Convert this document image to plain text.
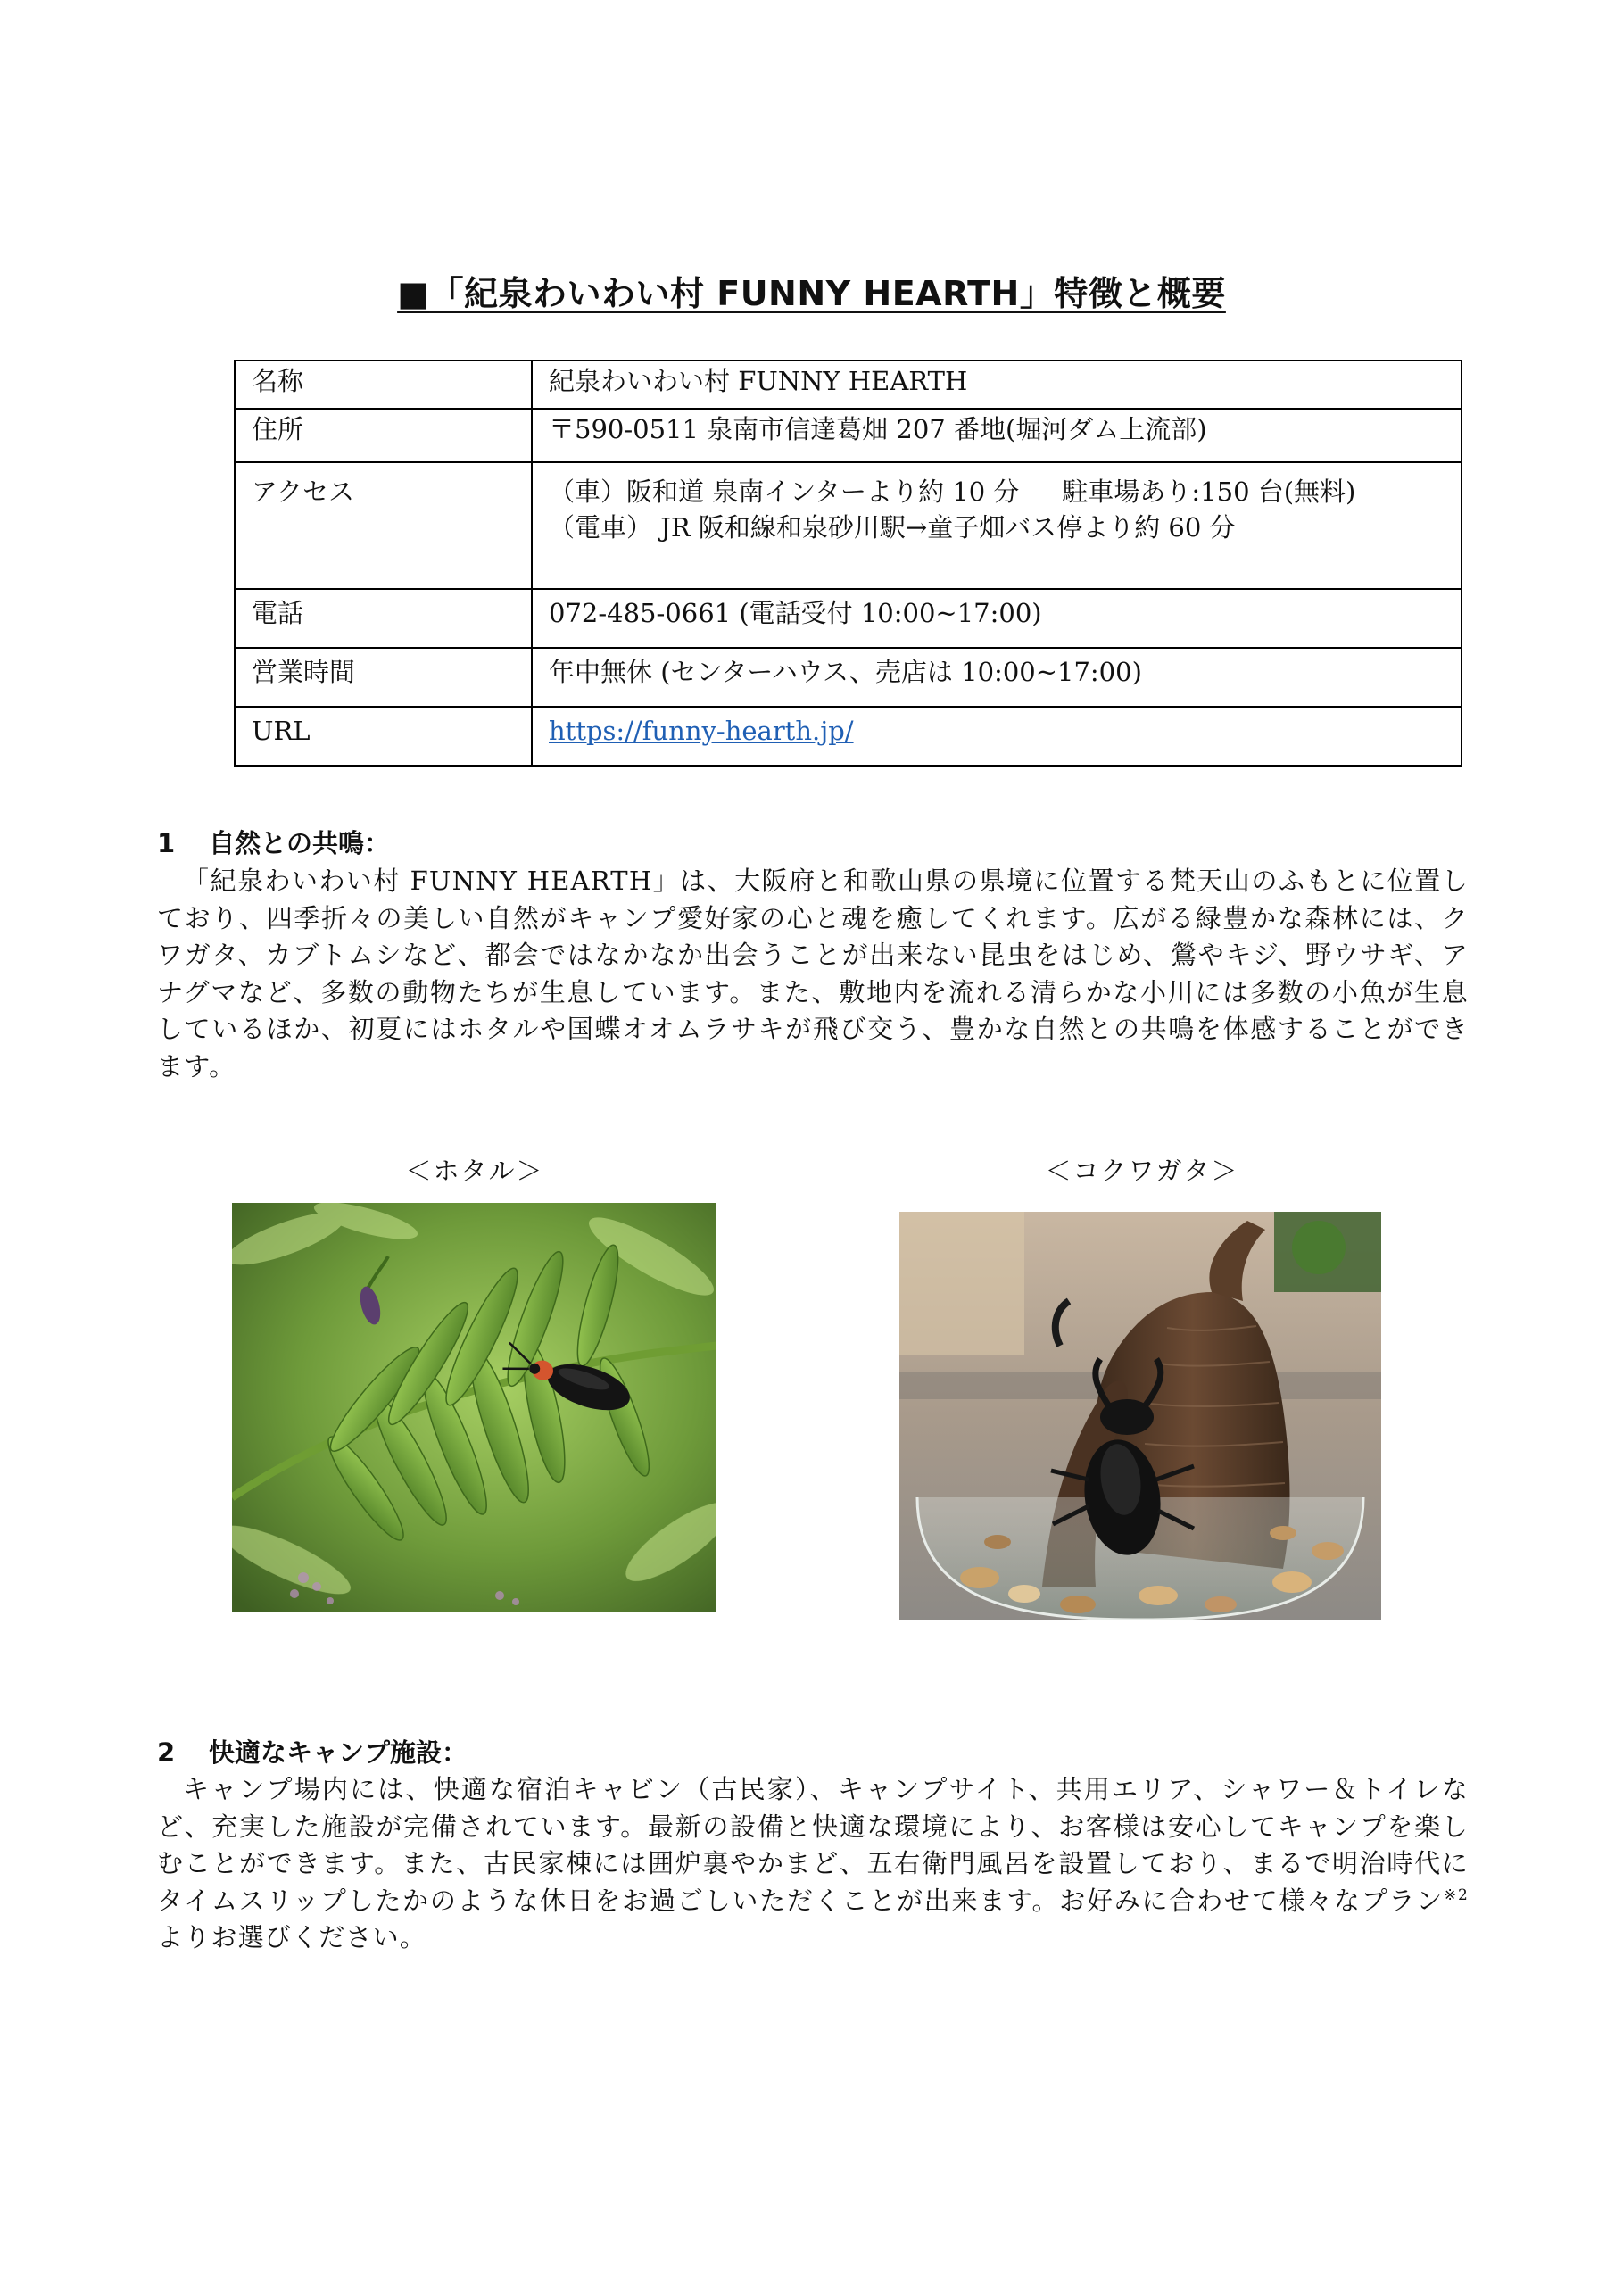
■「紀泉わいわい村 FUNNY HEARTH」特徴と概要
名称	紀泉わいわい村 FUNNY HEARTH
住所	〒590-0511 泉南市信達葛畑 207 番地(堀河ダム上流部)
アクセス	（車）阪和道 泉南インターより約 10 分 駐車場あり:150 台(無料)
（電車） JR 阪和線和泉砂川駅→童子畑バス停より約 60 分

電話	072-485-0661 (電話受付 10:00~17:00)
営業時間	年中無休 (センターハウス、売店は 10:00~17:00)
URL	https://funny-hearth.jp/
1 自然との共鳴：

「紀泉わいわい村 FUNNY HEARTH」は、大阪府と和歌山県の県境に位置する梵天山のふもとに位置しており、四季折々の美しい自然がキャンプ愛好家の心と魂を癒してくれます。広がる緑豊かな森林には、クワガタ、カブトムシなど、都会ではなかなか出会うことが出来ない昆虫をはじめ、鶯やキジ、野ウサギ、アナグマなど、多数の動物たちが生息しています。また、敷地内を流れる清らかな小川には多数の小魚が生息しているほか、初夏にはホタルや国蝶オオムラサキが飛び交う、豊かな自然との共鳴を体感することができます。

＜ホタル＞	＜コクワガタ＞
2 快適なキャンプ施設：

キャンプ場内には、快適な宿泊キャビン（古民家）、キャンプサイト、共用エリア、シャワー＆トイレなど、充実した施設が完備されています。最新の設備と快適な環境により、お客様は安心してキャンプを楽しむことができます。また、古民家棟には囲炉裏やかまど、五右衛門風呂を設置しており、まるで明治時代にタイムスリップしたかのような休日をお過ごしいただくことが出来ます。お好みに合わせて様々なプラン$^{※2}$よりお選びください。
